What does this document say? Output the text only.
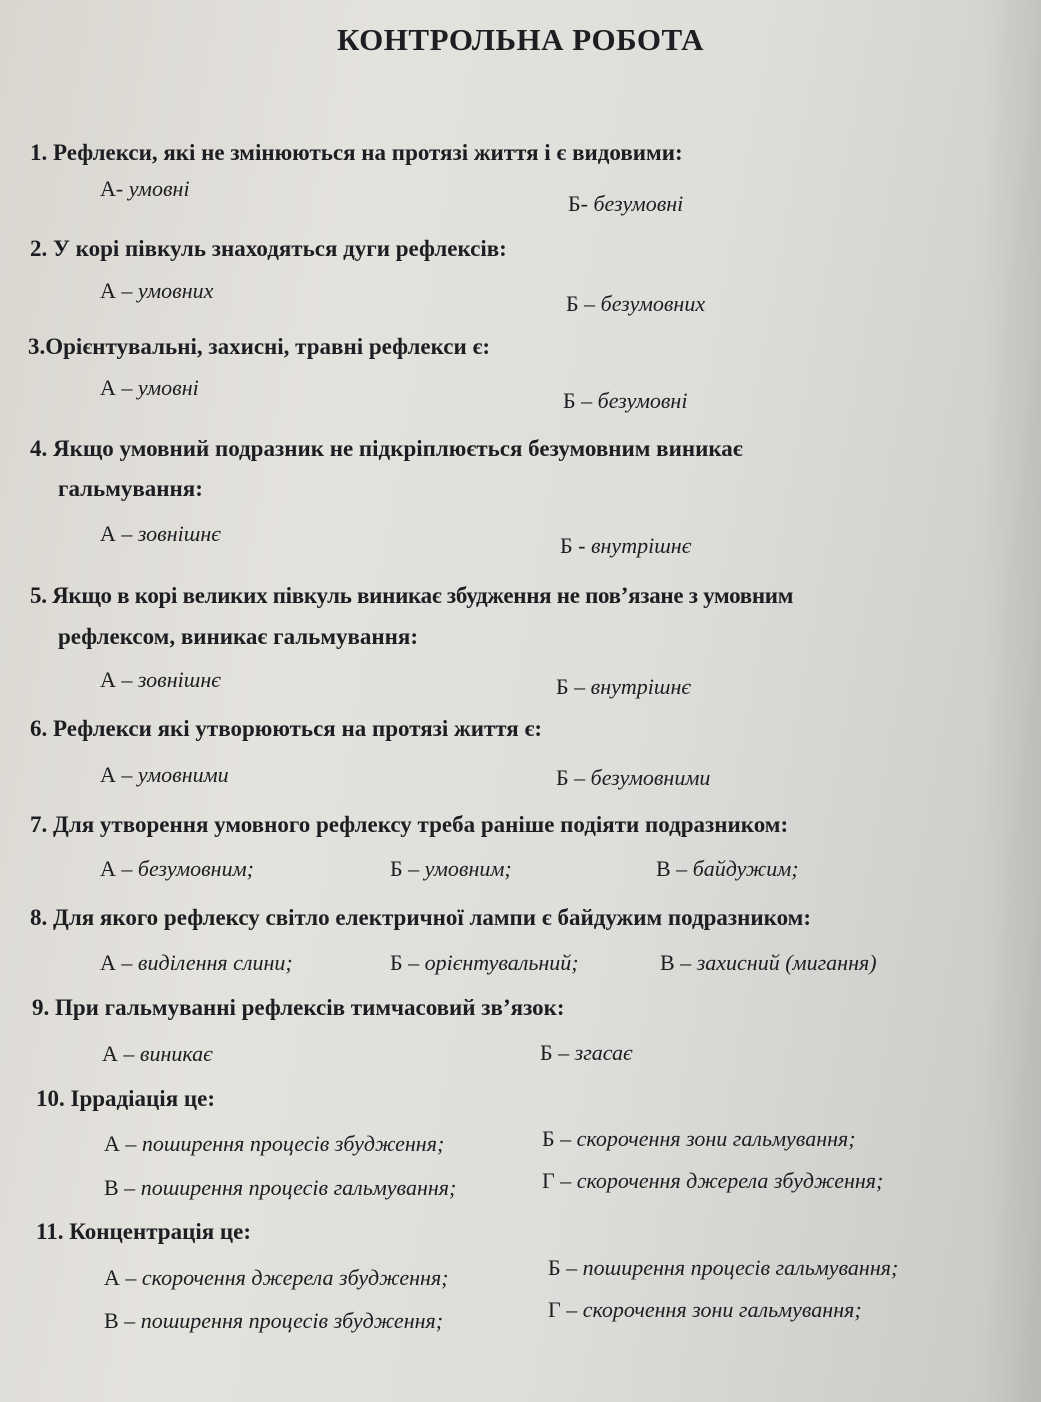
КОНТРОЛЬНА РОБОТА
1. Рефлекси, які не змінюються на протязі життя і є видовими:
А- умовні
Б- безумовні
2. У корі півкуль знаходяться дуги рефлексів:
А – умовних
Б – безумовних
3.Орієнтувальні, захисні, травні рефлекси є:
А – умовні
Б – безумовні
4. Якщо умовний подразник не підкріплюється безумовним виникає
гальмування:
А – зовнішнє	Б - внутрішнє
5. Якщо в корі великих півкуль виникає збудження не пов’язане з умовним
рефлексом, виникає гальмування:
А – зовнішнє	Б – внутрішнє
6. Рефлекси які утворюються на протязі життя є:
А – умовними	Б – безумовними
7. Для утворення умовного рефлексу треба раніше подіяти подразником:
А – безумовним;	Б – умовним;	В – байдужим;
8. Для якого рефлексу світло електричної лампи є байдужим подразником:
А – виділення слини;	Б – орієнтувальний;	В – захисний (мигання)
9. При гальмуванні рефлексів тимчасовий зв’язок:
А – виникає	Б – згасає
10. Іррадіація це:
А – поширення процесів збудження;	Б – скорочення зони гальмування;
В – поширення процесів гальмування;	Г – скорочення джерела збудження;
11. Концентрація це:
А – скорочення джерела збудження;	Б – поширення процесів гальмування;
В – поширення процесів збудження;	Г – скорочення зони гальмування;
